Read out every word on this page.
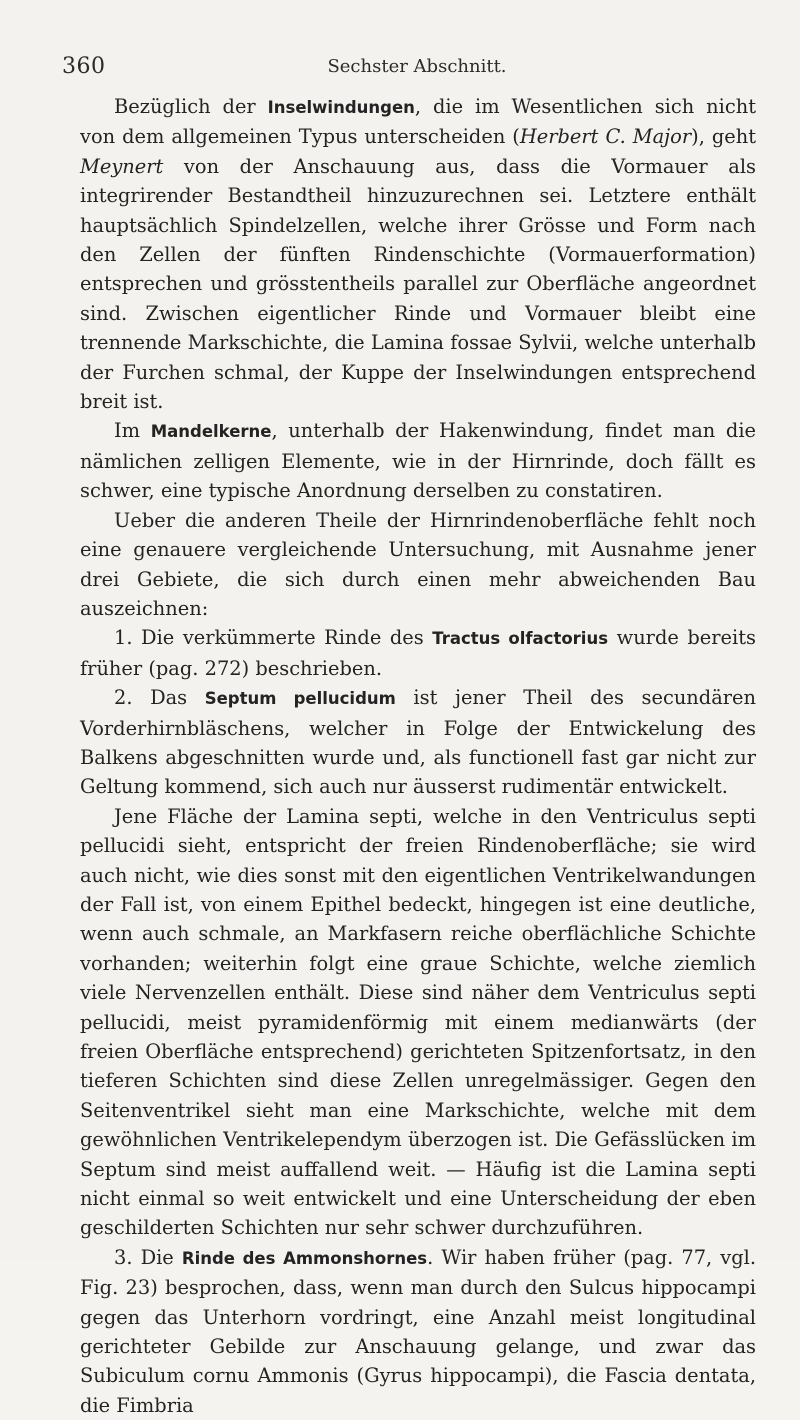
360	Sechster Abschnitt.

Bezüglich der Inselwindungen, die im Wesentlichen sich nicht von dem allgemeinen Typus unterscheiden (Herbert C. Major), geht Meynert von der Anschauung aus, dass die Vormauer als integrirender Bestandtheil hinzuzurechnen sei. Letztere enthält hauptsächlich Spindelzellen, welche ihrer Grösse und Form nach den Zellen der fünften Rindenschichte (Vormauerformation) entsprechen und grösstentheils parallel zur Oberfläche angeordnet sind. Zwischen eigentlicher Rinde und Vormauer bleibt eine trennende Markschichte, die Lamina fossae Sylvii, welche unterhalb der Furchen schmal, der Kuppe der Inselwindungen entsprechend breit ist.

Im Mandelkerne, unterhalb der Hakenwindung, findet man die nämlichen zelligen Elemente, wie in der Hirnrinde, doch fällt es schwer, eine typische Anordnung derselben zu constatiren.

Ueber die anderen Theile der Hirnrindenoberfläche fehlt noch eine genauere vergleichende Untersuchung, mit Ausnahme jener drei Gebiete, die sich durch einen mehr abweichenden Bau auszeichnen:

1. Die verkümmerte Rinde des Tractus olfactorius wurde bereits früher (pag. 272) beschrieben.

2. Das Septum pellucidum ist jener Theil des secundären Vorderhirnbläschens, welcher in Folge der Entwickelung des Balkens abgeschnitten wurde und, als functionell fast gar nicht zur Geltung kommend, sich auch nur äusserst rudimentär entwickelt.

Jene Fläche der Lamina septi, welche in den Ventriculus septi pellucidi sieht, entspricht der freien Rindenoberfläche; sie wird auch nicht, wie dies sonst mit den eigentlichen Ventrikelwandungen der Fall ist, von einem Epithel bedeckt, hingegen ist eine deutliche, wenn auch schmale, an Markfasern reiche oberflächliche Schichte vorhanden; weiterhin folgt eine graue Schichte, welche ziemlich viele Nervenzellen enthält. Diese sind näher dem Ventriculus septi pellucidi, meist pyramidenförmig mit einem medianwärts (der freien Oberfläche entsprechend) gerichteten Spitzenfortsatz, in den tieferen Schichten sind diese Zellen unregelmässiger. Gegen den Seitenventrikel sieht man eine Markschichte, welche mit dem gewöhnlichen Ventrikelependym überzogen ist. Die Gefässlücken im Septum sind meist auffallend weit. — Häufig ist die Lamina septi nicht einmal so weit entwickelt und eine Unterscheidung der eben geschilderten Schichten nur sehr schwer durchzuführen.

3. Die Rinde des Ammonshornes. Wir haben früher (pag. 77, vgl. Fig. 23) besprochen, dass, wenn man durch den Sulcus hippocampi gegen das Unterhorn vordringt, eine Anzahl meist longitudinal gerichteter Gebilde zur Anschauung gelange, und zwar das Subiculum cornu Ammonis (Gyrus hippocampi), die Fascia dentata, die Fimbria
